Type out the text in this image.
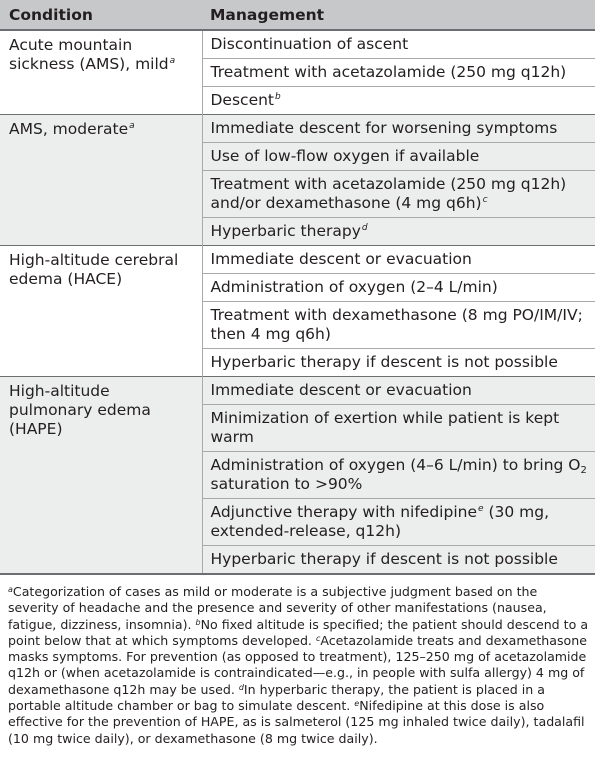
Condition	Management
Acute mountain sickness (AMS), mild$^a$	Discontinuation of ascent
	Treatment with acetazolamide (250 mg q12h)
	Descent$^b$
AMS, moderate$^a$	Immediate descent for worsening symptoms
	Use of low-flow oxygen if available
	Treatment with acetazolamide (250 mg q12h) and/or dexamethasone (4 mg q6h)$^c$
	Hyperbaric therapy$^d$
High-altitude cerebral edema (HACE)	Immediate descent or evacuation
	Administration of oxygen (2–4 L/min)
	Treatment with dexamethasone (8 mg PO/IM/IV; then 4 mg q6h)
	Hyperbaric therapy if descent is not possible
High-altitude pulmonary edema (HAPE)	Immediate descent or evacuation
	Minimization of exertion while patient is kept warm
	Administration of oxygen (4–6 L/min) to bring $O_2$ saturation to >90%
	Adjunctive therapy with nifedipine$^e$ (30 mg, extended-release, q12h)
	Hyperbaric therapy if descent is not possible
$^a$Categorization of cases as mild or moderate is a subjective judgment based on the severity of headache and the presence and severity of other manifestations (nausea, fatigue, dizziness, insomnia). $^b$No fixed altitude is specified; the patient should descend to a point below that at which symptoms developed. $^c$Acetazolamide treats and dexamethasone masks symptoms. For prevention (as opposed to treatment), 125–250 mg of acetazolamide q12h or (when acetazolamide is contraindicated—e.g., in people with sulfa allergy) 4 mg of dexamethasone q12h may be used. $^d$In hyperbaric therapy, the patient is placed in a portable altitude chamber or bag to simulate descent. $^e$Nifedipine at this dose is also effective for the prevention of HAPE, as is salmeterol (125 mg inhaled twice daily), tadalafil (10 mg twice daily), or dexamethasone (8 mg twice daily).
